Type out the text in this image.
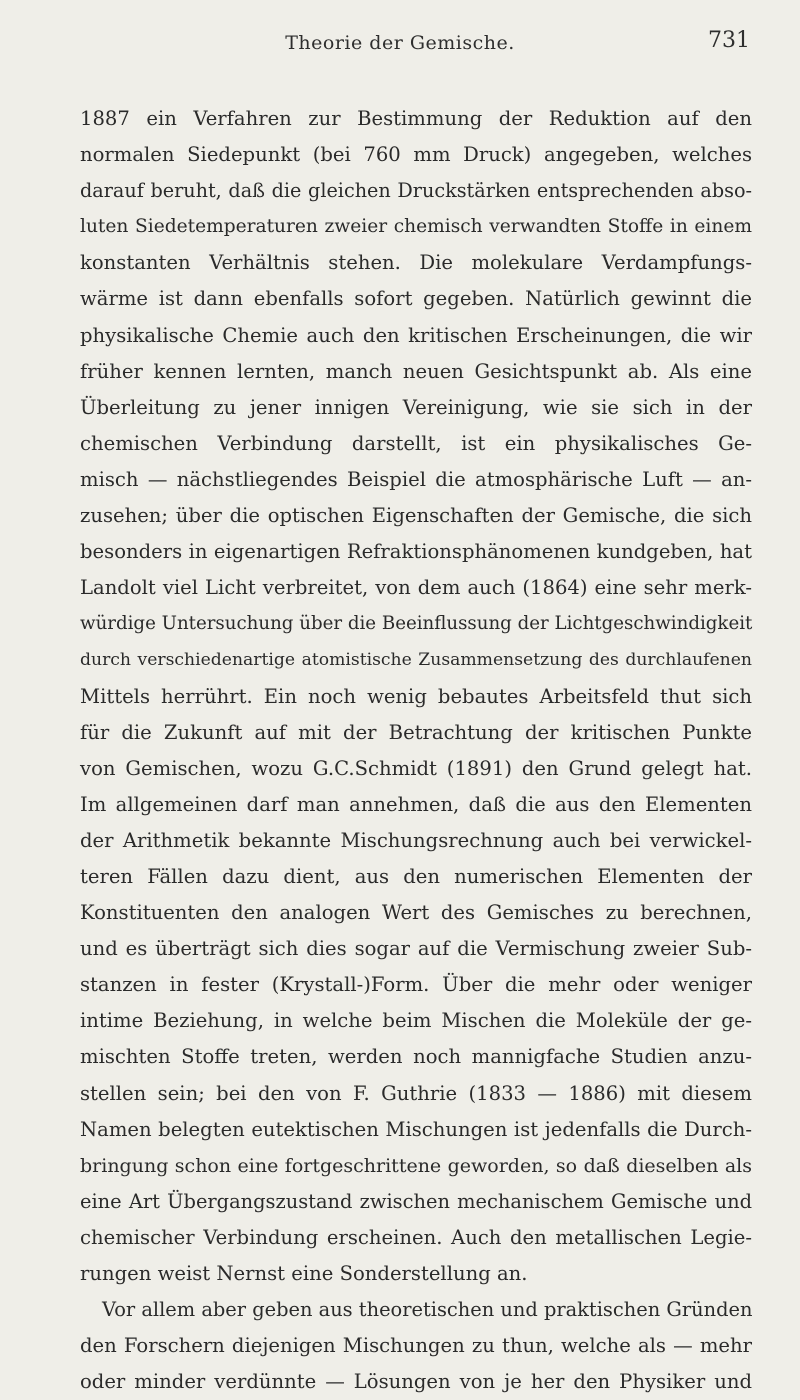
Theorie der Gemische.	731
1887 ein Verfahren zur Bestimmung der Reduktion auf den
normalen Siedepunkt (bei 760 mm Druck) angegeben, welches
darauf beruht, daß die gleichen Druckstärken entsprechenden abso-
luten Siedetemperaturen zweier chemisch verwandten Stoffe in einem
konstanten Verhältnis stehen. Die molekulare Verdampfungs-
wärme ist dann ebenfalls sofort gegeben. Natürlich gewinnt die
physikalische Chemie auch den kritischen Erscheinungen, die wir
früher kennen lernten, manch neuen Gesichtspunkt ab. Als eine
Überleitung zu jener innigen Vereinigung, wie sie sich in der
chemischen Verbindung darstellt, ist ein physikalisches Ge-
misch — nächstliegendes Beispiel die atmosphärische Luft — an-
zusehen; über die optischen Eigenschaften der Gemische, die sich
besonders in eigenartigen Refraktionsphänomenen kundgeben, hat
Landolt viel Licht verbreitet, von dem auch (1864) eine sehr merk-
würdige Untersuchung über die Beeinflussung der Lichtgeschwindigkeit
durch verschiedenartige atomistische Zusammensetzung des durchlaufenen
Mittels herrührt. Ein noch wenig bebautes Arbeitsfeld thut sich
für die Zukunft auf mit der Betrachtung der kritischen Punkte
von Gemischen, wozu G.C.Schmidt (1891) den Grund gelegt hat.
Im allgemeinen darf man annehmen, daß die aus den Elementen
der Arithmetik bekannte Mischungsrechnung auch bei verwickel-
teren Fällen dazu dient, aus den numerischen Elementen der
Konstituenten den analogen Wert des Gemisches zu berechnen,
und es überträgt sich dies sogar auf die Vermischung zweier Sub-
stanzen in fester (Krystall-)Form. Über die mehr oder weniger
intime Beziehung, in welche beim Mischen die Moleküle der ge-
mischten Stoffe treten, werden noch mannigfache Studien anzu-
stellen sein; bei den von F. Guthrie (1833 — 1886) mit diesem
Namen belegten eutektischen Mischungen ist jedenfalls die Durch-
bringung schon eine fortgeschrittene geworden, so daß dieselben als
eine Art Übergangszustand zwischen mechanischem Gemische und
chemischer Verbindung erscheinen. Auch den metallischen Legie-
rungen weist Nernst eine Sonderstellung an.
Vor allem aber geben aus theoretischen und praktischen Gründen
den Forschern diejenigen Mischungen zu thun, welche als — mehr
oder minder verdünnte — Lösungen von je her den Physiker und
